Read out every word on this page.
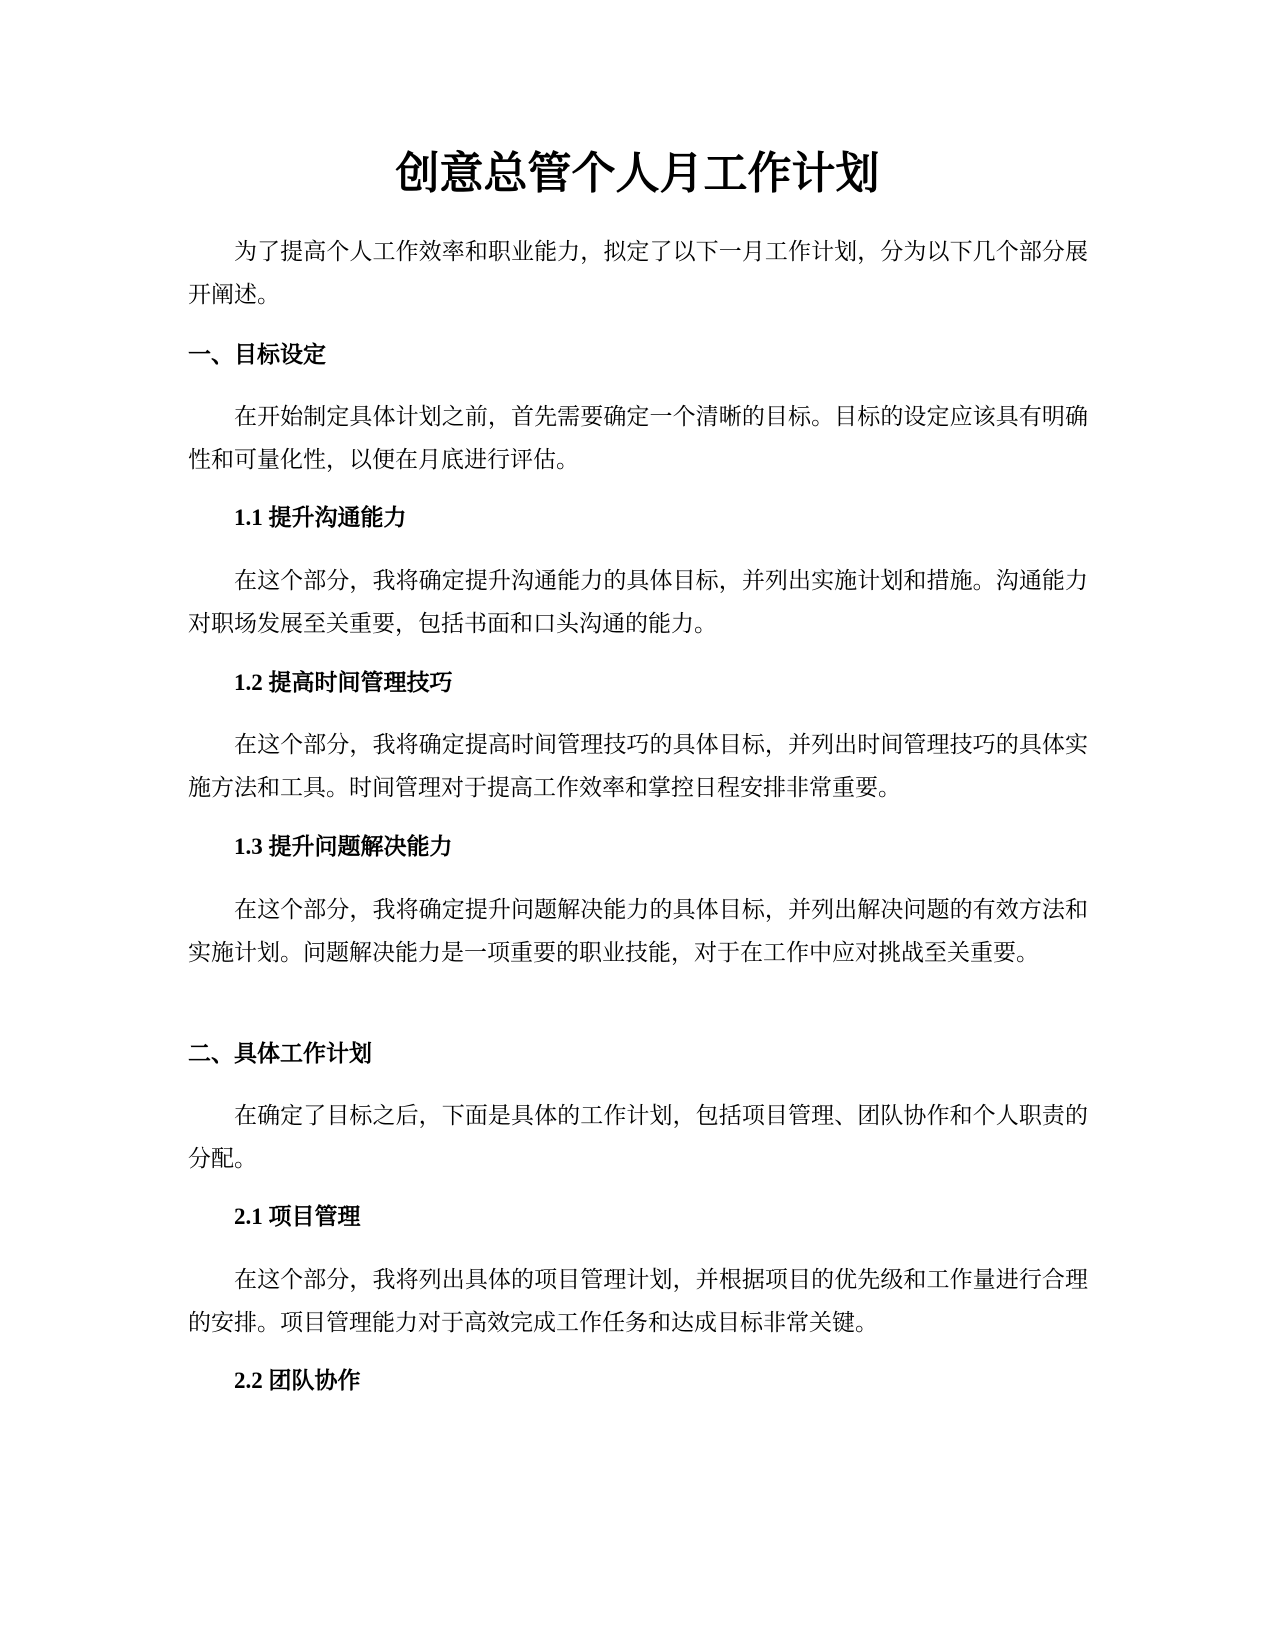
创意总管个人月工作计划

为了提高个人工作效率和职业能力，拟定了以下一月工作计划，分为以下几个部分展开阐述。

一、目标设定

在开始制定具体计划之前，首先需要确定一个清晰的目标。目标的设定应该具有明确性和可量化性，以便在月底进行评估。

1.1 提升沟通能力

在这个部分，我将确定提升沟通能力的具体目标，并列出实施计划和措施。沟通能力对职场发展至关重要，包括书面和口头沟通的能力。

1.2 提高时间管理技巧

在这个部分，我将确定提高时间管理技巧的具体目标，并列出时间管理技巧的具体实施方法和工具。时间管理对于提高工作效率和掌控日程安排非常重要。

1.3 提升问题解决能力

在这个部分，我将确定提升问题解决能力的具体目标，并列出解决问题的有效方法和实施计划。问题解决能力是一项重要的职业技能，对于在工作中应对挑战至关重要。

二、具体工作计划

在确定了目标之后，下面是具体的工作计划，包括项目管理、团队协作和个人职责的分配。

2.1 项目管理

在这个部分，我将列出具体的项目管理计划，并根据项目的优先级和工作量进行合理的安排。项目管理能力对于高效完成工作任务和达成目标非常关键。

2.2 团队协作
